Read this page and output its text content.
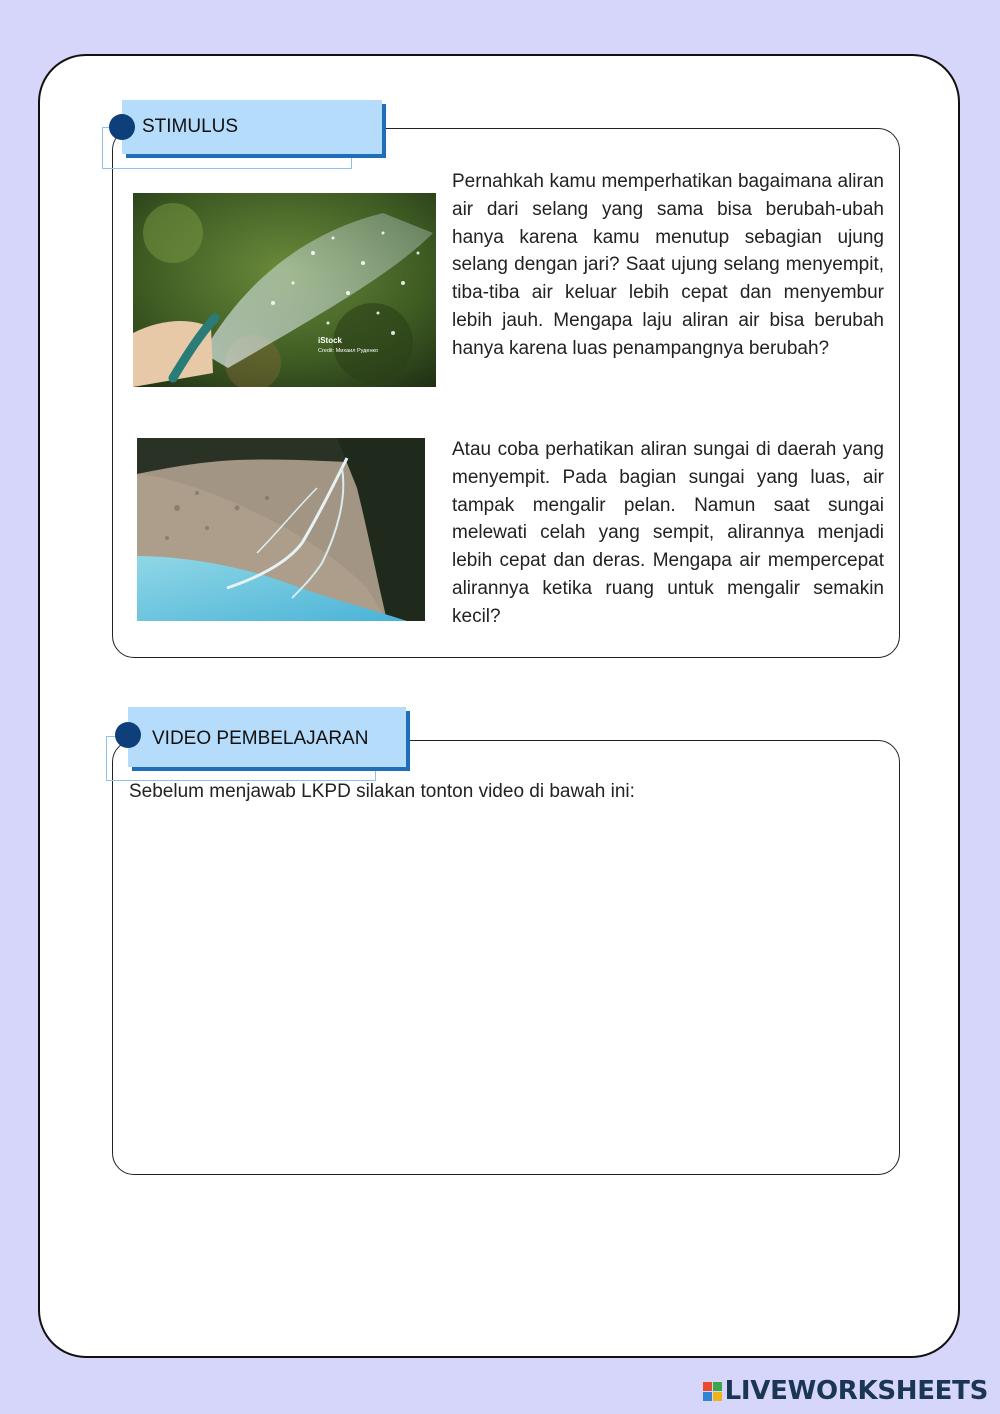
STIMULUS
iStock
Credit: Михаил Руденко

Pernahkah kamu memperhatikan bagaimana aliran air dari selang yang sama bisa berubah-ubah hanya karena kamu menutup sebagian ujung selang dengan jari? Saat ujung selang menyempit, tiba-tiba air keluar lebih cepat dan menyembur lebih jauh. Mengapa laju aliran air bisa berubah hanya karena luas penampangnya berubah?

Atau coba perhatikan aliran sungai di daerah yang menyempit. Pada bagian sungai yang luas, air tampak mengalir pelan. Namun saat sungai melewati celah yang sempit, alirannya menjadi lebih cepat dan deras. Mengapa air mempercepat alirannya ketika ruang untuk mengalir semakin kecil?

VIDEO PEMBELAJARAN

Sebelum menjawab LKPD silakan tonton video di bawah ini:

LIVEWORKSHEETS
